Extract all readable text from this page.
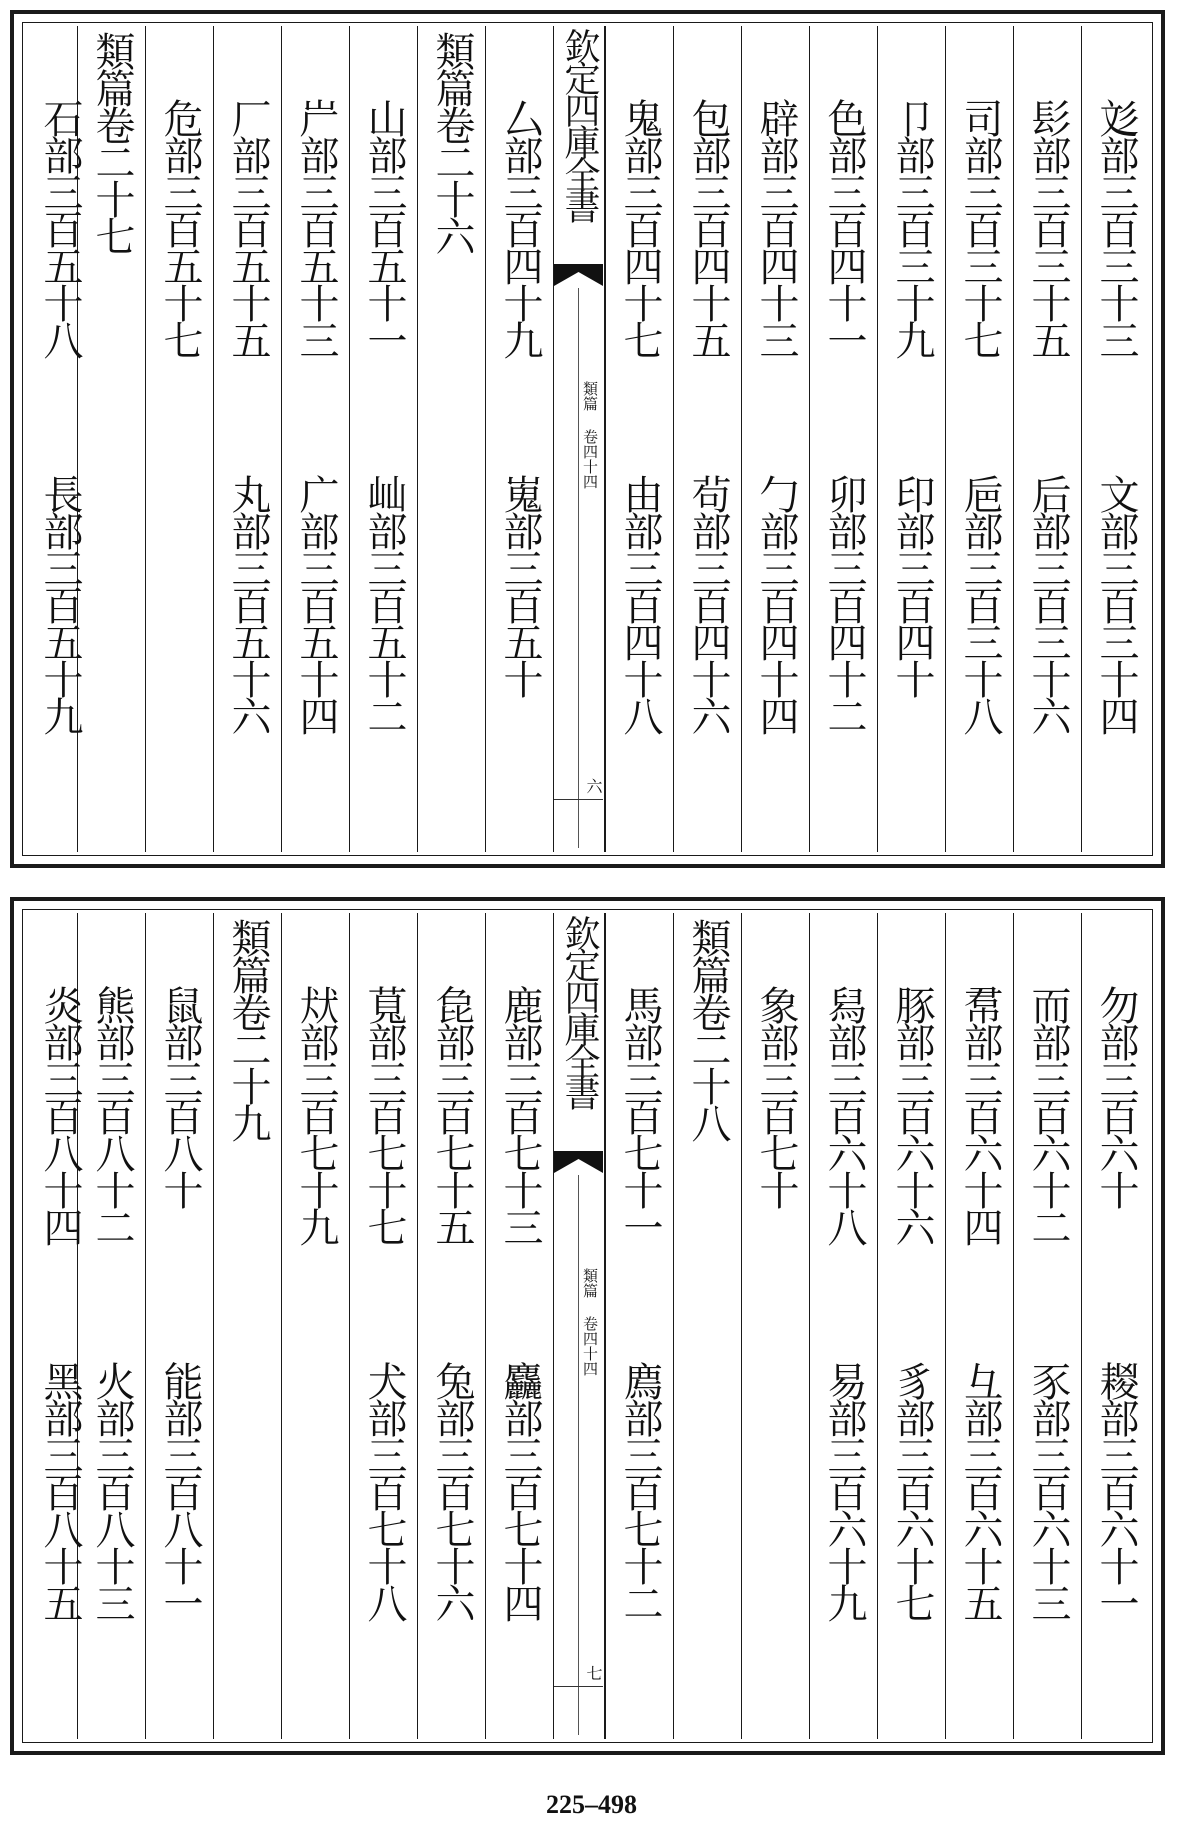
彣部三百三十三
文部三百三十四
髟部三百三十五
后部三百三十六
司部三百三十七
巵部三百三十八
卩部三百三十九
印部三百四十
色部三百四十一
卯部三百四十二
辟部三百四十三
勹部三百四十四
包部三百四十五
茍部三百四十六
鬼部三百四十七
由部三百四十八
欽定四庫全書
類篇 卷四十四
六
厶部三百四十九
嵬部三百五十
類篇卷二十六
山部三百五十一
屾部三百五十二
屵部三百五十三
广部三百五十四
厂部三百五十五
丸部三百五十六
危部三百五十七
類篇卷二十七
石部三百五十八
長部三百五十九
勿部三百六十
䎫部三百六十一
而部三百六十二
豕部三百六十三
帬部三百六十四
彑部三百六十五
豚部三百六十六
豸部三百六十七
舄部三百六十八
易部三百六十九
象部三百七十
類篇卷二十八
馬部三百七十一
廌部三百七十二
欽定四庫全書
類篇 卷四十四
七
鹿部三百七十三
麤部三百七十四
㲋部三百七十五
兔部三百七十六
萈部三百七十七
犬部三百七十八
㹜部三百七十九
類篇卷二十九
鼠部三百八十
能部三百八十一
熊部三百八十二
火部三百八十三
炎部三百八十四
黑部三百八十五
225–498
